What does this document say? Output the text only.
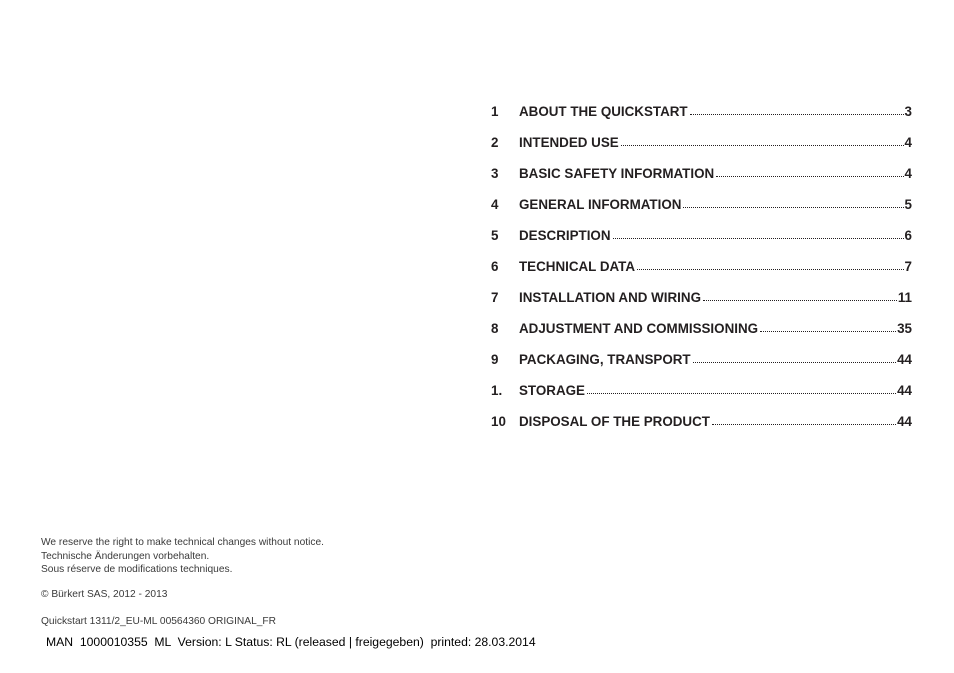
1	ABOUT THE QUICKSTART	3
2	INTENDED USE	4
3	BASIC SAFETY INFORMATION	4
4	GENERAL INFORMATION	5
5	DESCRIPTION	6
6	TECHNICAL DATA	7
7	INSTALLATION AND WIRING	11
8	ADJUSTMENT AND COMMISSIONING	35
9	PACKAGING, TRANSPORT	44
1.	STORAGE	44
10 DISPOSAL OF THE PRODUCT	44
We reserve the right to make technical changes without notice.
Technische Änderungen vorbehalten.
Sous réserve de modifications techniques.
© Bürkert SAS, 2012 - 2013
Quickstart 1311/2_EU-ML 00564360 ORIGINAL_FR
MAN  1000010355  ML  Version: L Status: RL (released | freigegeben)  printed: 28.03.2014
